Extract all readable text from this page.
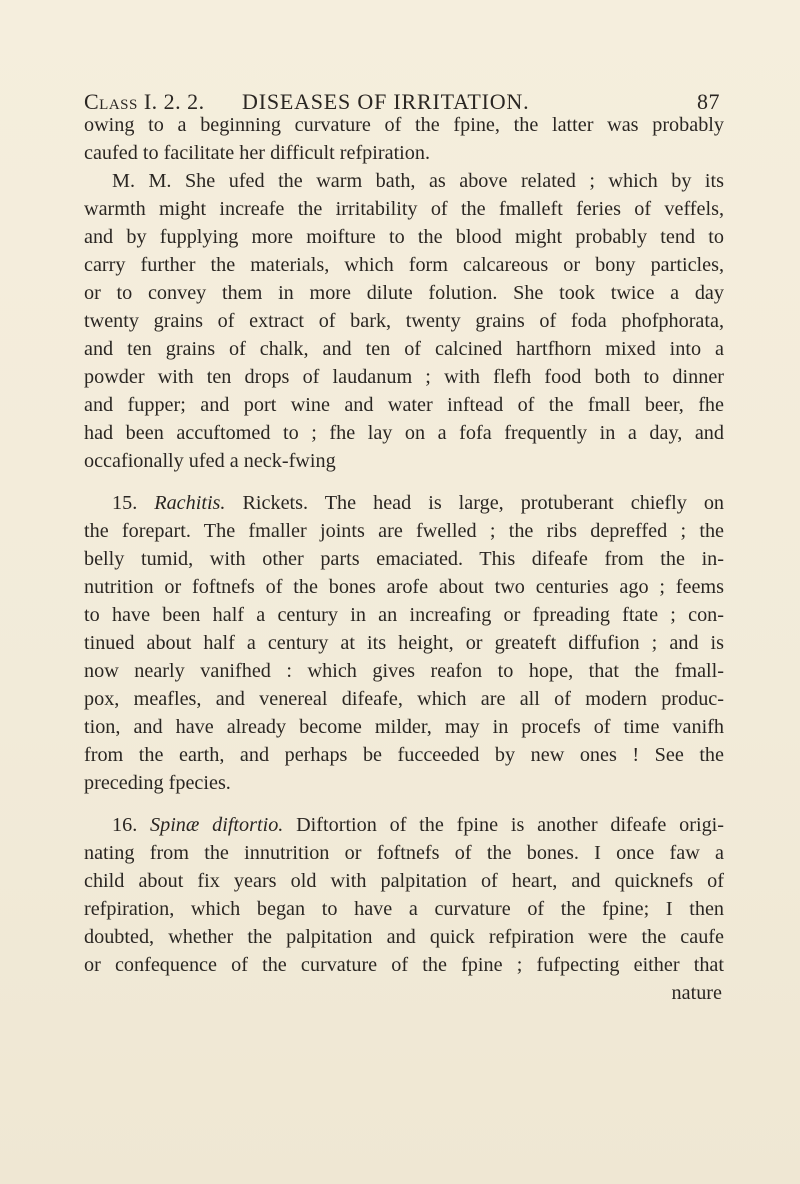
Class I. 2. 2. DISEASES OF IRRITATION.	87
owing to a beginning curvature of the fpine, the latter was probably
caufed to facilitate her difficult refpiration.
M. M. She ufed the warm bath, as above related ; which by its
warmth might increafe the irritability of the fmalleft feries of veffels,
and by fupplying more moifture to the blood might probably tend to
carry further the materials, which form calcareous or bony particles,
or to convey them in more dilute folution. She took twice a day
twenty grains of extract of bark, twenty grains of foda phofphorata,
and ten grains of chalk, and ten of calcined hartfhorn mixed into a
powder with ten drops of laudanum ; with flefh food both to dinner
and fupper; and port wine and water inftead of the fmall beer, fhe
had been accuftomed to ; fhe lay on a fofa frequently in a day, and
occafionally ufed a neck-fwing
15. Rachitis. Rickets. The head is large, protuberant chiefly on
the forepart. The fmaller joints are fwelled ; the ribs depreffed ; the
belly tumid, with other parts emaciated. This difeafe from the in-
nutrition or foftnefs of the bones arofe about two centuries ago ; feems
to have been half a century in an increafing or fpreading ftate ; con-
tinued about half a century at its height, or greateft diffufion ; and is
now nearly vanifhed : which gives reafon to hope, that the fmall-
pox, meafles, and venereal difeafe, which are all of modern produc-
tion, and have already become milder, may in procefs of time vanifh
from the earth, and perhaps be fucceeded by new ones ! See the
preceding fpecies.
16. Spinæ diftortio. Diftortion of the fpine is another difeafe origi-
nating from the innutrition or foftnefs of the bones. I once faw a
child about fix years old with palpitation of heart, and quicknefs of
refpiration, which began to have a curvature of the fpine; I then
doubted, whether the palpitation and quick refpiration were the caufe
or confequence of the curvature of the fpine ; fufpecting either that
nature
